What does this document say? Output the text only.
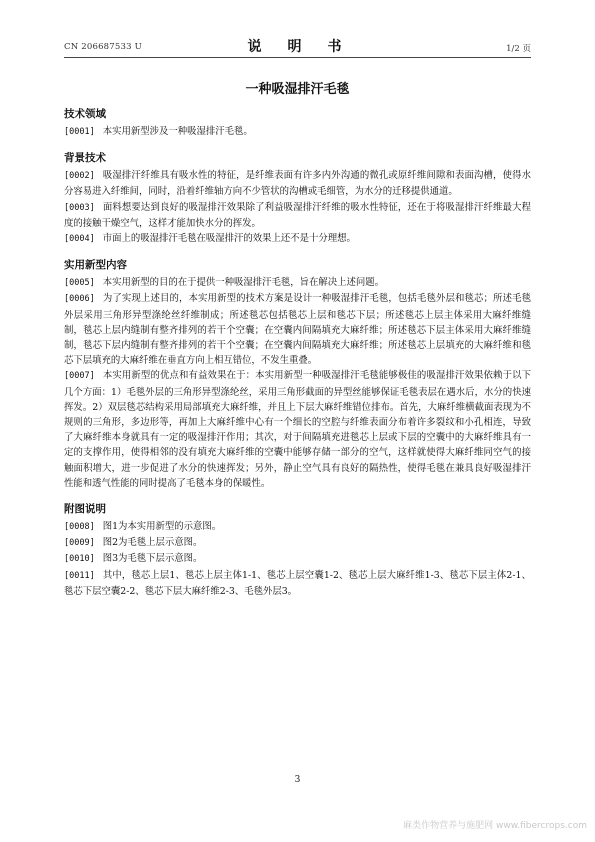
CN 206687533 U	说　明　书	1/2 页
一种吸湿排汗毛毯
技术领域

[0001] 本实用新型涉及一种吸湿排汗毛毯。

背景技术

[0002] 吸湿排汗纤维具有吸水性的特征，是纤维表面有许多内外沟通的微孔或原纤维间隙和表面沟槽，使得水分容易进入纤维间，同时，沿着纤维轴方向不少管状的沟槽或毛细管，为水分的迁移提供通道。

[0003] 面料想要达到良好的吸湿排汗效果除了利益吸湿排汗纤维的吸水性特征，还在于将吸湿排汗纤维最大程度的接触干燥空气，这样才能加快水分的挥发。

[0004] 市面上的吸湿排汗毛毯在吸湿排汗的效果上还不是十分理想。

实用新型内容

[0005] 本实用新型的目的在于提供一种吸湿排汗毛毯，旨在解决上述问题。

[0006] 为了实现上述目的，本实用新型的技术方案是设计一种吸湿排汗毛毯，包括毛毯外层和毯芯；所述毛毯外层采用三角形异型涤纶丝纤维制成；所述毯芯包括毯芯上层和毯芯下层；所述毯芯上层主体采用大麻纤维缝制，毯芯上层内缝制有整齐排列的若干个空囊；在空囊内间隔填充大麻纤维；所述毯芯下层主体采用大麻纤维缝制，毯芯下层内缝制有整齐排列的若干个空囊；在空囊内间隔填充大麻纤维；所述毯芯上层填充的大麻纤维和毯芯下层填充的大麻纤维在垂直方向上相互错位，不发生重叠。

[0007] 本实用新型的优点和有益效果在于：本实用新型一种吸湿排汗毛毯能够极佳的吸湿排汗效果依赖于以下几个方面：1）毛毯外层的三角形异型涤纶丝，采用三角形截面的异型丝能够保证毛毯表层在遇水后，水分的快速挥发。2）双层毯芯结构采用局部填充大麻纤维，并且上下层大麻纤维错位排布。首先，大麻纤维横截面表现为不规则的三角形，多边形等，再加上大麻纤维中心有一个细长的空腔与纤维表面分布着许多裂纹和小孔相连，导致了大麻纤维本身就具有一定的吸湿排汗作用；其次，对于间隔填充进毯芯上层或下层的空囊中的大麻纤维具有一定的支撑作用，使得相邻的没有填充大麻纤维的空囊中能够存储一部分的空气，这样就使得大麻纤维同空气的接触面积增大，进一步促进了水分的快速挥发；另外，静止空气具有良好的隔热性，使得毛毯在兼具良好吸湿排汗性能和透气性能的同时提高了毛毯本身的保暖性。

附图说明

[0008] 图1为本实用新型的示意图。

[0009] 图2为毛毯上层示意图。

[0010] 图3为毛毯下层示意图。

[0011] 其中，毯芯上层1、毯芯上层主体1-1、毯芯上层空囊1-2、毯芯上层大麻纤维1-3、毯芯下层主体2-1、毯芯下层空囊2-2、毯芯下层大麻纤维2-3、毛毯外层3。

3
麻类作物营养与施肥网 www.fibercrops.com
